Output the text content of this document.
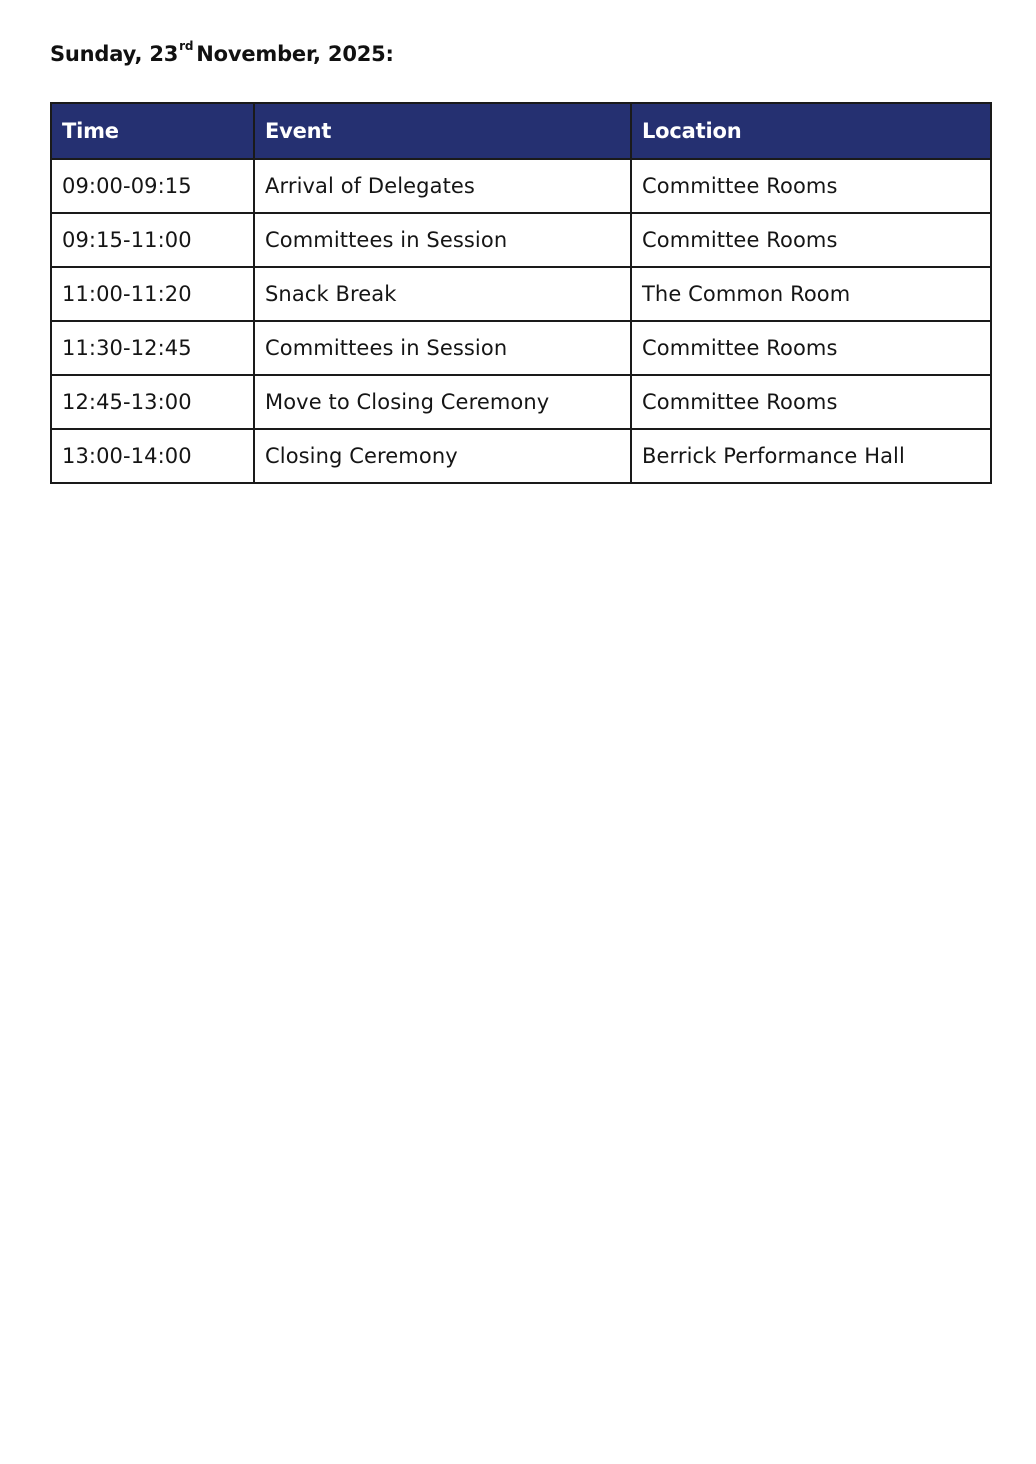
Sunday, 23rd November, 2025:
Time	Event	Location
09:00-09:15	Arrival of Delegates	Committee Rooms
09:15-11:00	Committees in Session	Committee Rooms
11:00-11:20	Snack Break	The Common Room
11:30-12:45	Committees in Session	Committee Rooms
12:45-13:00	Move to Closing Ceremony	Committee Rooms
13:00-14:00	Closing Ceremony	Berrick Performance Hall
